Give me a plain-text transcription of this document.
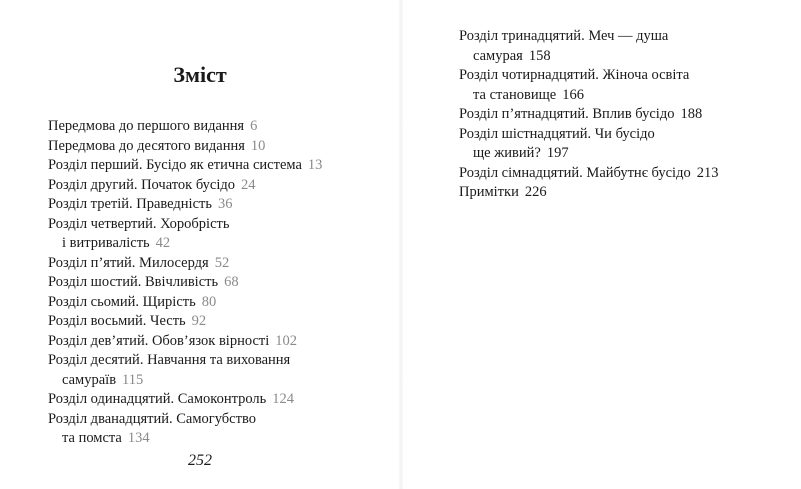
Зміст
Передмова до першого видання 6
Передмова до десятого видання 10
Розділ перший. Бусідо як етична система 13
Розділ другий. Початок бусідо 24
Розділ третій. Праведність 36
Розділ четвертий. Хоробрість
і витривалість 42
Розділ п’ятий. Милосердя 52
Розділ шостий. Ввічливість 68
Розділ сьомий. Щирість 80
Розділ восьмий. Честь 92
Розділ дев’ятий. Обов’язок вірності 102
Розділ десятий. Навчання та виховання
самураїв 115
Розділ одинадцятий. Самоконтроль 124
Розділ дванадцятий. Самогубство
та помста 134
252
Розділ тринадцятий. Меч — душа
самурая 158
Розділ чотирнадцятий. Жіноча освіта
та становище 166
Розділ п’ятнадцятий. Вплив бусідо 188
Розділ шістнадцятий. Чи бусідо
ще живий? 197
Розділ сімнадцятий. Майбутнє бусідо 213
Примітки 226
